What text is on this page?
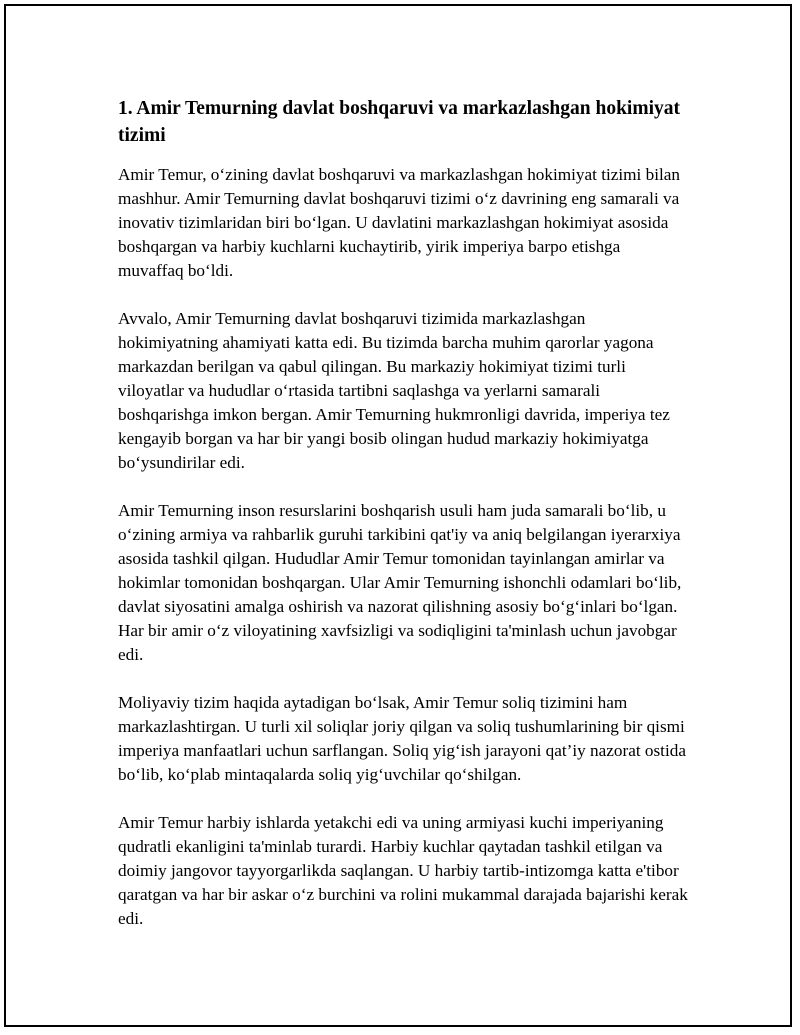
1. Amir Temurning davlat boshqaruvi va markazlashgan hokimiyat tizimi

Amir Temur, o‘zining davlat boshqaruvi va markazlashgan hokimiyat tizimi bilan mashhur. Amir Temurning davlat boshqaruvi tizimi o‘z davrining eng samarali va inovativ tizimlaridan biri bo‘lgan. U davlatini markazlashgan hokimiyat asosida boshqargan va harbiy kuchlarni kuchaytirib, yirik imperiya barpo etishga muvaffaq bo‘ldi.

Avvalo, Amir Temurning davlat boshqaruvi tizimida markazlashgan hokimiyatning ahamiyati katta edi. Bu tizimda barcha muhim qarorlar yagona markazdan berilgan va qabul qilingan. Bu markaziy hokimiyat tizimi turli viloyatlar va hududlar o‘rtasida tartibni saqlashga va yerlarni samarali boshqarishga imkon bergan. Amir Temurning hukmronligi davrida, imperiya tez kengayib borgan va har bir yangi bosib olingan hudud markaziy hokimiyatga bo‘ysundirilar edi.

Amir Temurning inson resurslarini boshqarish usuli ham juda samarali bo‘lib, u o‘zining armiya va rahbarlik guruhi tarkibini qat'iy va aniq belgilangan iyerarxiya asosida tashkil qilgan. Hududlar Amir Temur tomonidan tayinlangan amirlar va hokimlar tomonidan boshqargan. Ular Amir Temurning ishonchli odamlari bo‘lib, davlat siyosatini amalga oshirish va nazorat qilishning asosiy bo‘g‘inlari bo‘lgan. Har bir amir o‘z viloyatining xavfsizligi va sodiqligini ta'minlash uchun javobgar edi.

Moliyaviy tizim haqida aytadigan bo‘lsak, Amir Temur soliq tizimini ham markazlashtirgan. U turli xil soliqlar joriy qilgan va soliq tushumlarining bir qismi imperiya manfaatlari uchun sarflangan. Soliq yig‘ish jarayoni qat’iy nazorat ostida bo‘lib, ko‘plab mintaqalarda soliq yig‘uvchilar qo‘shilgan.

Amir Temur harbiy ishlarda yetakchi edi va uning armiyasi kuchi imperiyaning qudratli ekanligini ta'minlab turardi. Harbiy kuchlar qaytadan tashkil etilgan va doimiy jangovor tayyorgarlikda saqlangan. U harbiy tartib-intizomga katta e'tibor qaratgan va har bir askar o‘z burchini va rolini mukammal darajada bajarishi kerak edi.
